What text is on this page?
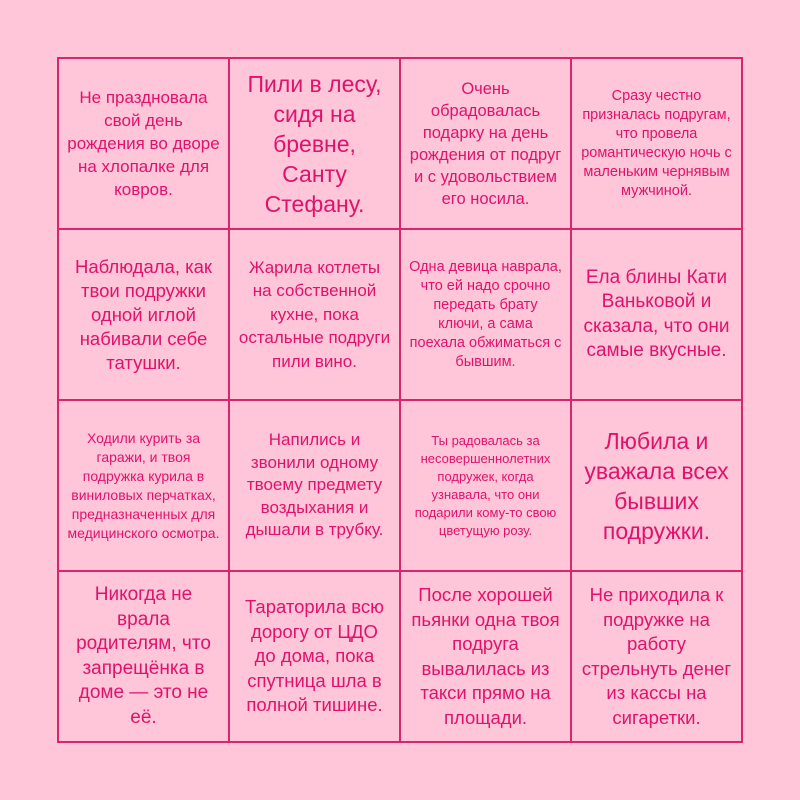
Не праздновала свой день рождения во дворе на хлопалке для ковров.
Пили в лесу, сидя на бревне, Санту Стефану.
Очень обрадовалась подарку на день рождения от подруг и с удовольствием его носила.
Сразу честно призналась подругам, что провела романтическую ночь с маленьким чернявым мужчиной.
Наблюдала, как твои подружки одной иглой набивали себе татушки.
Жарила котлеты на собственной кухне, пока остальные подруги пили вино.
Одна девица наврала, что ей надо срочно передать брату ключи, а сама поехала обжиматься с бывшим.
Ела блины Кати Ваньковой и сказала, что они самые вкусные.
Ходили курить за гаражи, и твоя подружка курила в виниловых перчатках, предназначенных для медицинского осмотра.
Напились и звонили одному твоему предмету воздыхания и дышали в трубку.
Ты радовалась за несовершеннолетних подружек, когда узнавала, что они подарили кому-то свою цветущую розу.
Любила и уважала всех бывших подружки.
Никогда не врала родителям, что запрещёнка в доме — это не её.
Тараторила всю дорогу от ЦДО до дома, пока спутница шла в полной тишине.
После хорошей пьянки одна твоя подруга вывалилась из такси прямо на площади.
Не приходила к подружке на работу стрельнуть денег из кассы на сигаретки.
